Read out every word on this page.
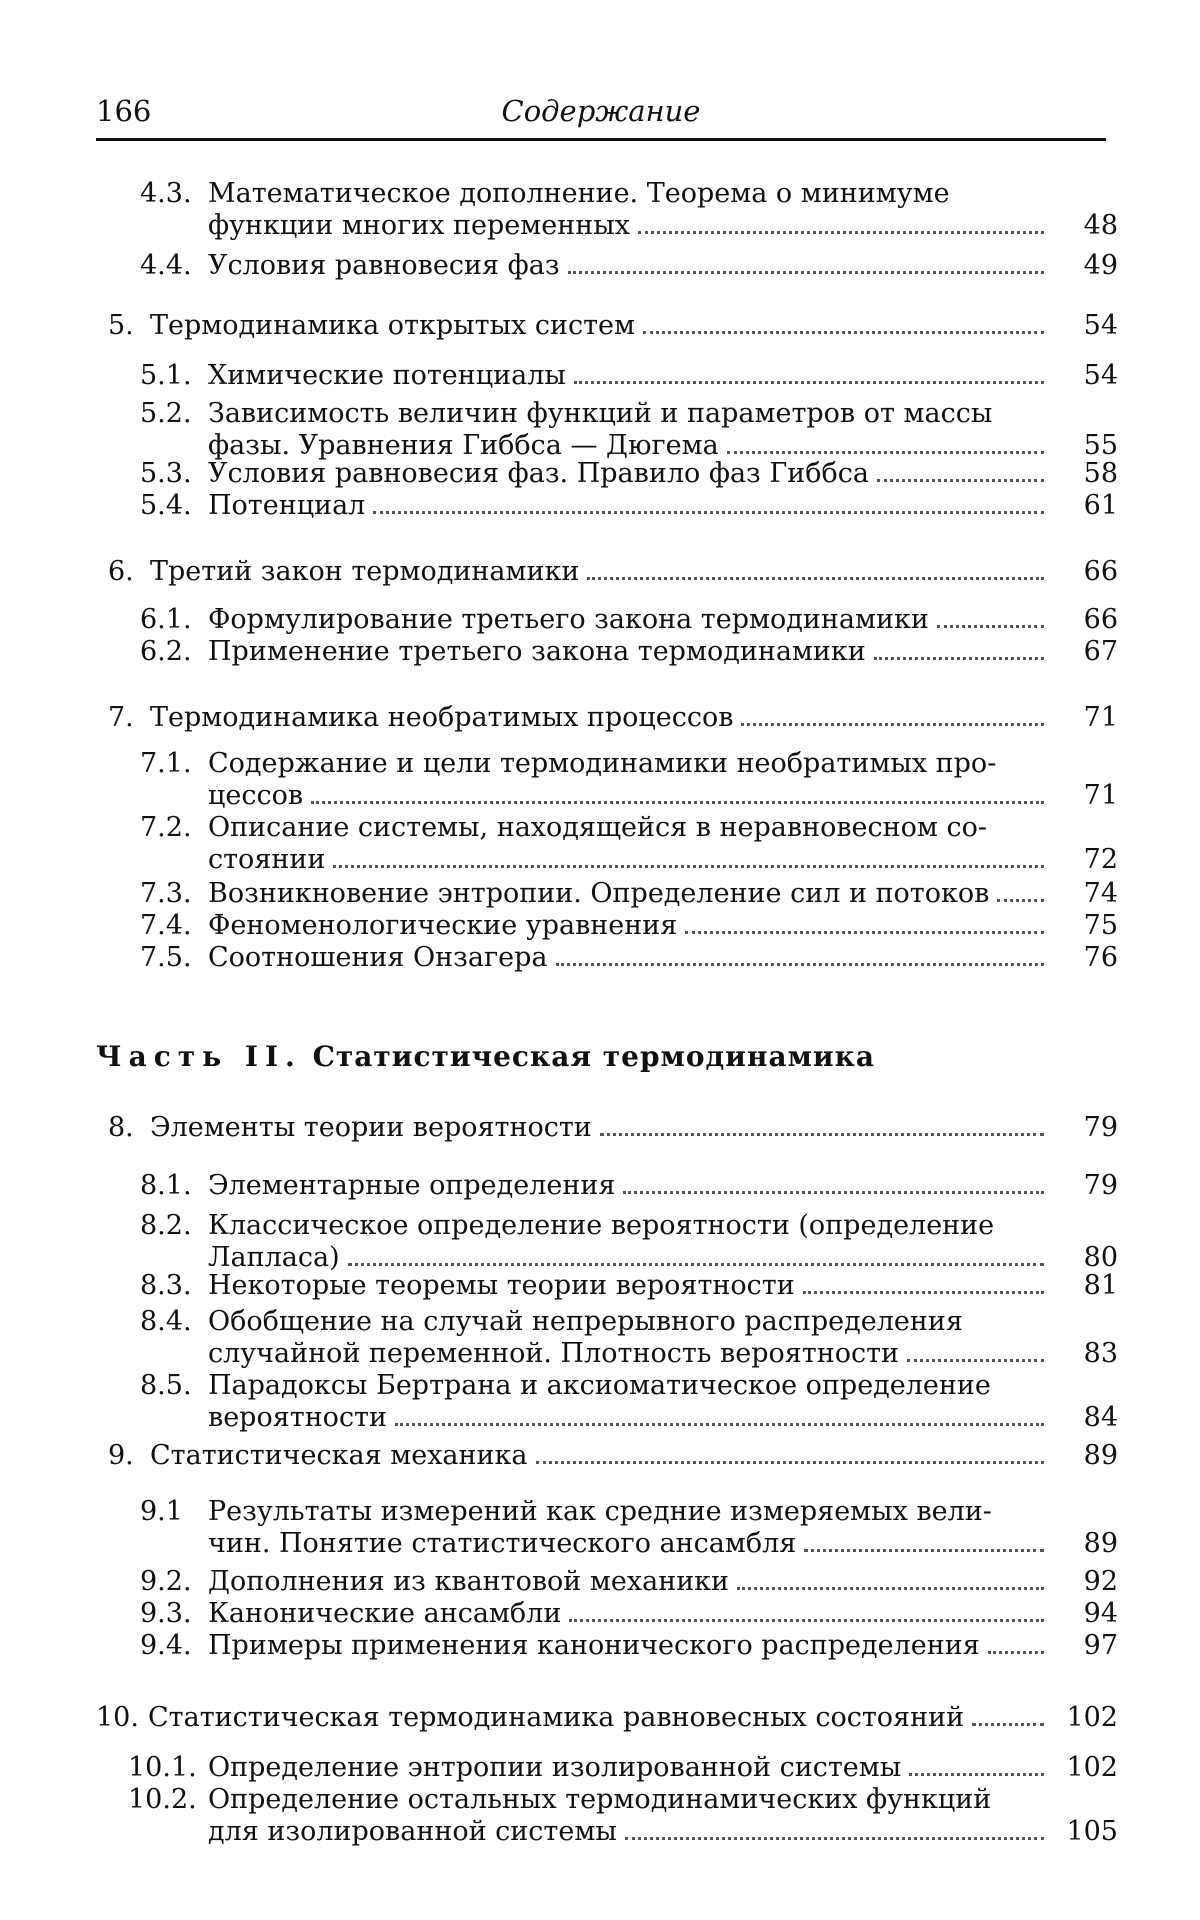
166	Содержание
Часть II. Статистическая термодинамика
4.3. Математическое дополнение. Теорема о минимуме
функции многих переменных	48
4.4. Условия равновесия фаз	49
5. Термодинамика открытых систем	54
5.1. Химические потенциалы	54
5.2. Зависимость величин функций и параметров от массы
фазы. Уравнения Гиббса — Дюгема	55
5.3. Условия равновесия фаз. Правило фаз Гиббса	58
5.4. Потенциал	61
6. Третий закон термодинамики	66
6.1. Формулирование третьего закона термодинамики	66
6.2. Применение третьего закона термодинамики	67
7. Термодинамика необратимых процессов	71
7.1. Содержание и цели термодинамики необратимых про-
цессов	71
7.2. Описание системы, находящейся в неравновесном со-
стоянии	72
7.3. Возникновение энтропии. Определение сил и потоков	74
7.4. Феноменологические уравнения	75
7.5. Соотношения Онзагера	76
8. Элементы теории вероятности	79
8.1. Элементарные определения	79
8.2. Классическое определение вероятности (определение
Лапласа)	80
8.3. Некоторые теоремы теории вероятности	81
8.4. Обобщение на случай непрерывного распределения
случайной переменной. Плотность вероятности	83
8.5. Парадоксы Бертрана и аксиоматическое определение
вероятности	84
9. Статистическая механика	89
9.1 Результаты измерений как средние измеряемых вели-
чин. Понятие статистического ансамбля	89
9.2. Дополнения из квантовой механики	92
9.3. Канонические ансамбли	94
9.4. Примеры применения канонического распределения	97
10. Статистическая термодинамика равновесных состояний	102
10.1. Определение энтропии изолированной системы	102
10.2. Определение остальных термодинамических функций
для изолированной системы	105
